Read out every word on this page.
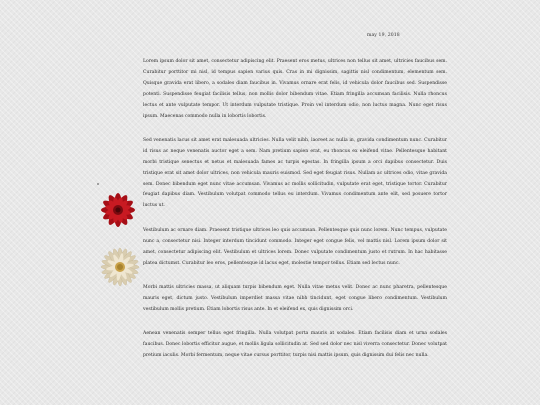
may 19, 2018

Lorem ipsum dolor sit amet, consectetur adipiscing elit. Praesent eros metus, ultrices non tellus sit amet, ultricies faucibus sem. Curabitur porttitor mi nisl, id tempus sapien varius quis. Cras in mi dignissim, sagittis nisl condimentum, elementum sem. Quisque gravida erat libero, a sodales diam faucibus in. Vivamus ornare erat felis, id vehicula dolor faucibus sed. Suspendisse potenti. Suspendisse feugiat facilisis tellus, non mollis dolor bibendum vitae. Etiam fringilla accumsan facilisis. Nulla rhoncus lectus et ante vulputate tempor. Ut interdum vulputate tristique. Proin vel interdum odio, non luctus magna. Nunc eget risus ipsum. Maecenas commodo nulla in lobortis lobortis.

Sed venenatis lacus sit amet erat malesuada ultricies. Nulla velit nibh, laoreet ac nulla in, gravida condimentum nunc. Curabitur id risus ac neque venenatis auctor eget a sem. Nam pretium sapien erat, eu rhoncus ex eleifend vitae. Pellentesque habitant morbi tristique senectus et netus et malesuada fames ac turpis egestas. In fringilla ipsum a orci dapibus consectetur. Duis tristique erat sit amet dolor ultrices, non vehicula mauris euismod. Sed eget feugiat risus. Nullam ac ultrices odio, vitae gravida sem. Donec bibendum eget nunc vitae accumsan. Vivamus ac mollis sollicitudin, vulputate erat eget, tristique tortor. Curabitur feugiat dapibus diam. Vestibulum volutpat commodo tellus eu interdum. Vivamus condimentum ante elit, sed posuere tortor luctus ut.

Vestibulum ac ornare diam. Praesent tristique ultrices leo quis accumsan. Pellentesque quis nunc lorem. Nunc tempus, vulputate nunc a, consectetur nisi. Integer interdum tincidunt commodo. Integer eget congue felis, vel mattis nisl. Lorem ipsum dolor sit amet, consectetur adipiscing elit. Vestibulum et ultrices lorem. Donec vulputate condimentum justo et rutrum. In hac habitasse platea dictumst. Curabitur leo eros, pellentesque id lacus eget, molestie tempor tellus. Etiam sed lectus nunc.

Morbi mattis ultricies massa, ut aliquam turpis bibendum eget. Nulla vitae metus velit. Donec ac nunc pharetra, pellentesque mauris eget, dictum justo. Vestibulum imperdiet massa vitae nibh tincidunt, eget congue libero condimentum. Vestibulum vestibulum mollis pretium. Etiam lobortis risus ante. In et eleifend ex, quis dignissim orci.

Aenean venenatis semper tellus eget fringilla. Nulla volutpat porta mauris at sodales. Etiam facilisis diam et urna sodales faucibus. Donec lobortis efficitur augue, et mollis ligula sollicitudin at. Sed sed dolor nec nisl viverra consectetur. Donec volutpat pretium iaculis. Morbi fermentum, neque vitae cursus porttitor, turpis nisi mattis ipsum, quis dignissim dui felis nec nulla.
